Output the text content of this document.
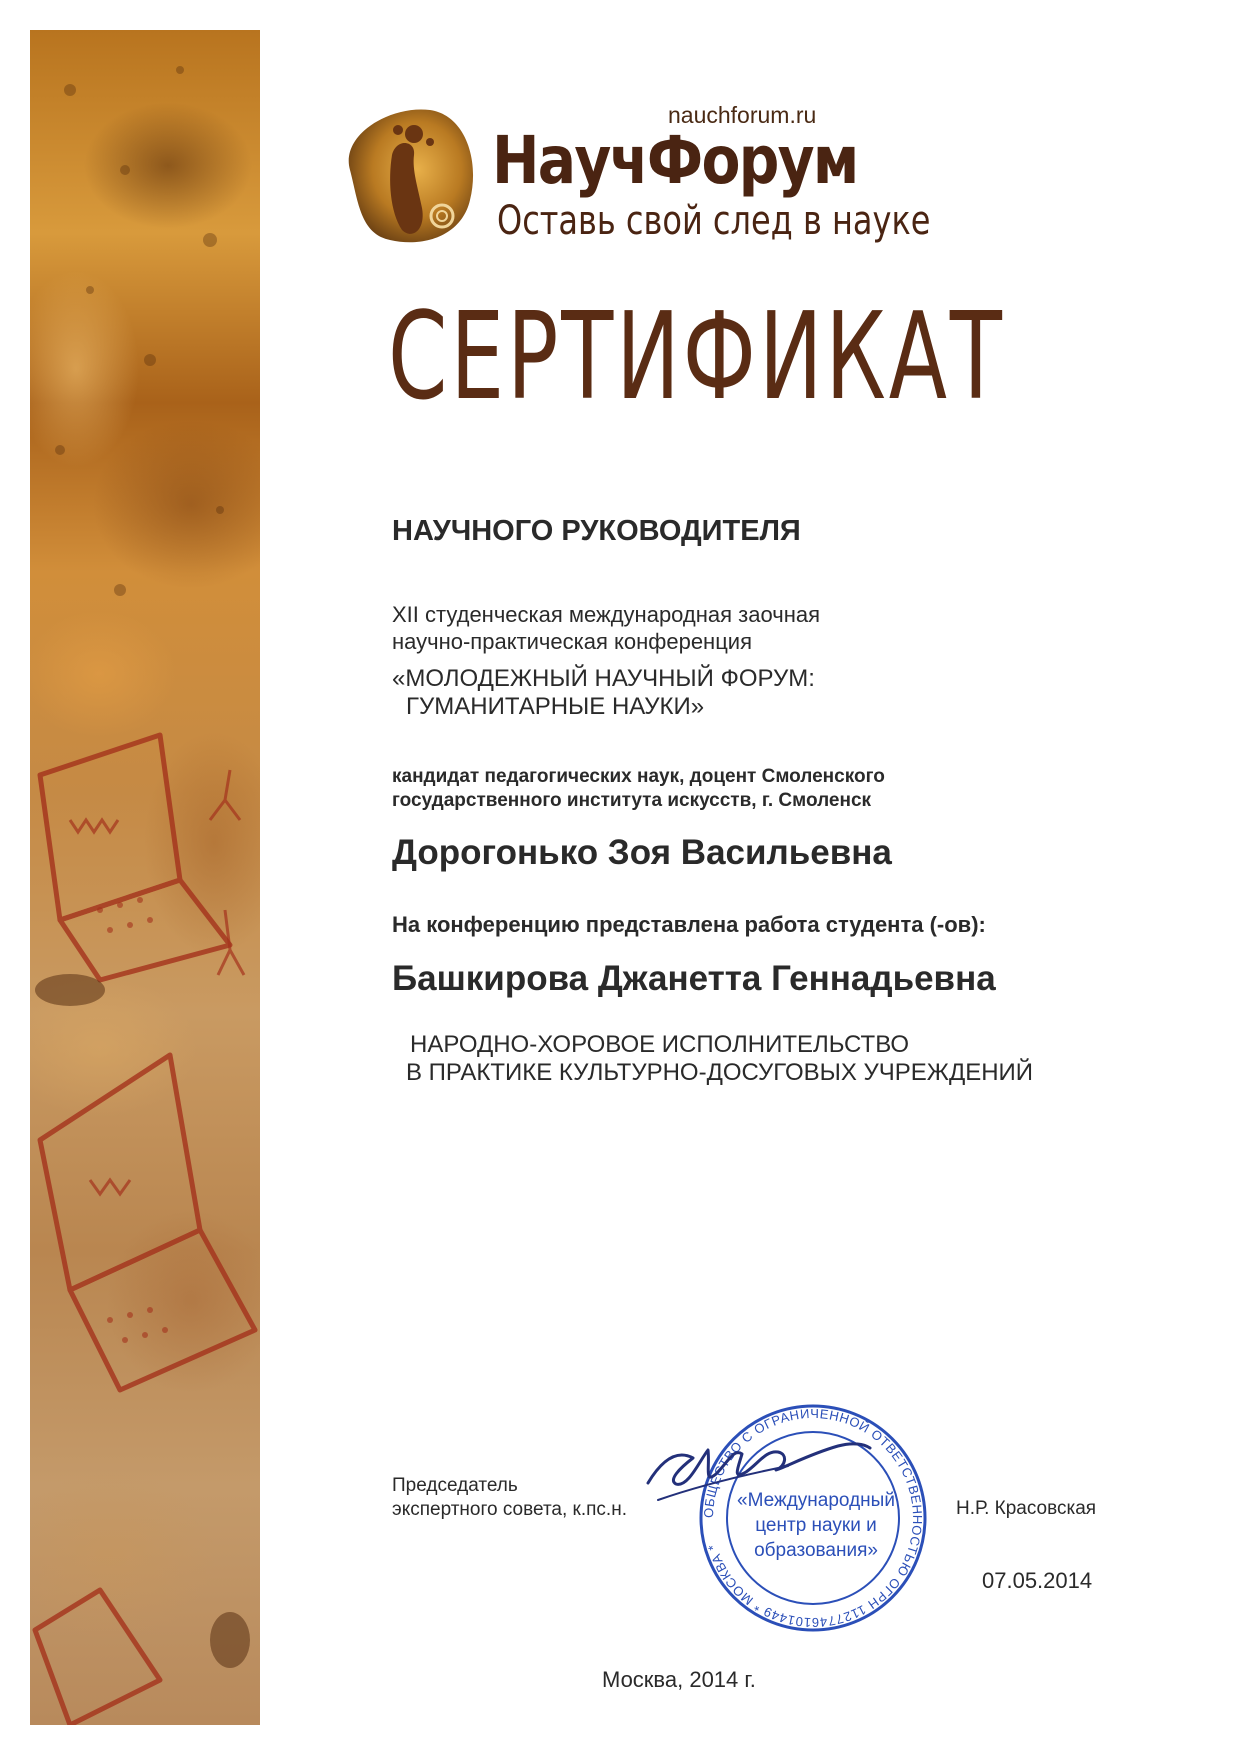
nauchforum.ru
НаучФорум
Оставь свой след в науке
СЕРТИФИКАТ
НАУЧНОГО РУКОВОДИТЕЛЯ
XII студенческая международная заочная
научно-практическая конференция
«МОЛОДЕЖНЫЙ НАУЧНЫЙ ФОРУМ:
ГУМАНИТАРНЫЕ НАУКИ»
кандидат педагогических наук, доцент Смоленского
государственного института искусств, г. Смоленск
Дорогонько Зоя Васильевна
На конференцию представлена работа студента (-ов):
Башкирова Джанетта Геннадьевна
НАРОДНО-ХОРОВОЕ ИСПОЛНИТЕЛЬСТВО
В ПРАКТИКЕ КУЛЬТУРНО-ДОСУГОВЫХ УЧРЕЖДЕНИЙ
Председатель
экспертного совета, к.пс.н.	ОБЩЕСТВО С ОГРАНИЧЕННОЙ ОТВЕТСТВЕННОСТЬЮ ОГРН 1127746101449 * МОСКВА *
«Международный
центр науки и
образования»
Н.Р. Красовская
07.05.2014
Москва, 2014 г.
